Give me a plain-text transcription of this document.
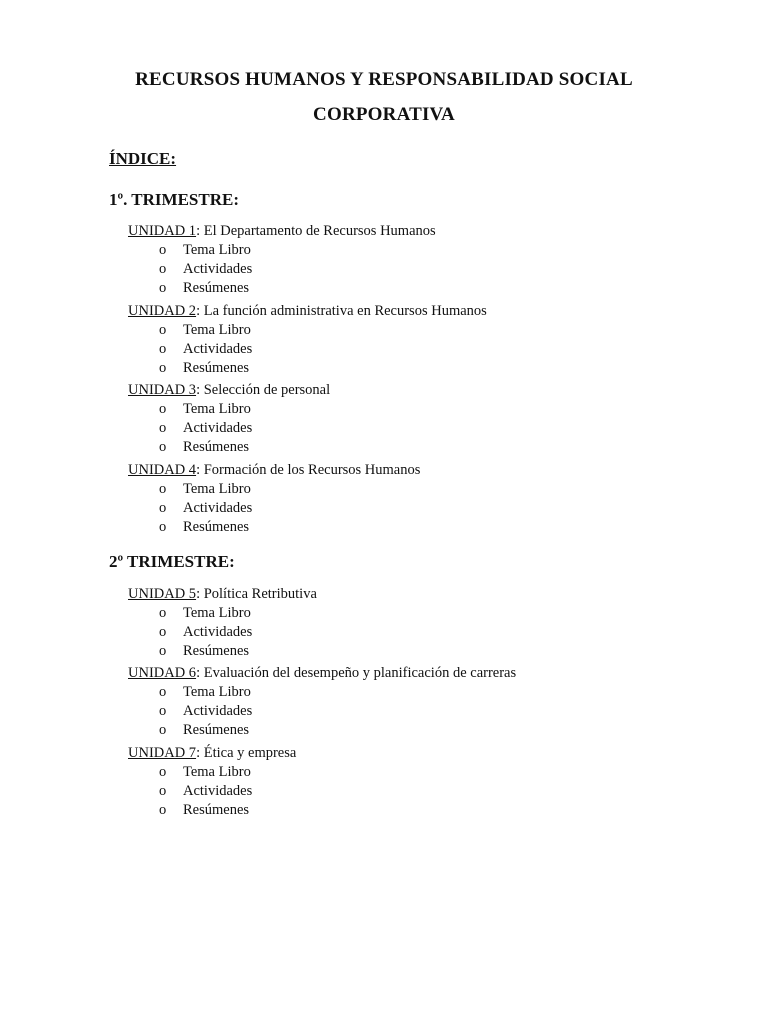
RECURSOS HUMANOS Y RESPONSABILIDAD SOCIAL
CORPORATIVA
ÍNDICE:
1º. TRIMESTRE:
2º TRIMESTRE:
UNIDAD 1: El Departamento de Recursos Humanos
o Tema Libro
o Actividades
o Resúmenes
UNIDAD 2: La función administrativa en Recursos Humanos
o Tema Libro
o Actividades
o Resúmenes
UNIDAD 3: Selección de personal
o Tema Libro
o Actividades
o Resúmenes
UNIDAD 4: Formación de los Recursos Humanos
o Tema Libro
o Actividades
o Resúmenes
UNIDAD 5: Política Retributiva
o Tema Libro
o Actividades
o Resúmenes
UNIDAD 6: Evaluación del desempeño y planificación de carreras
o Tema Libro
o Actividades
o Resúmenes
UNIDAD 7: Ética y empresa
o Tema Libro
o Actividades
o Resúmenes
